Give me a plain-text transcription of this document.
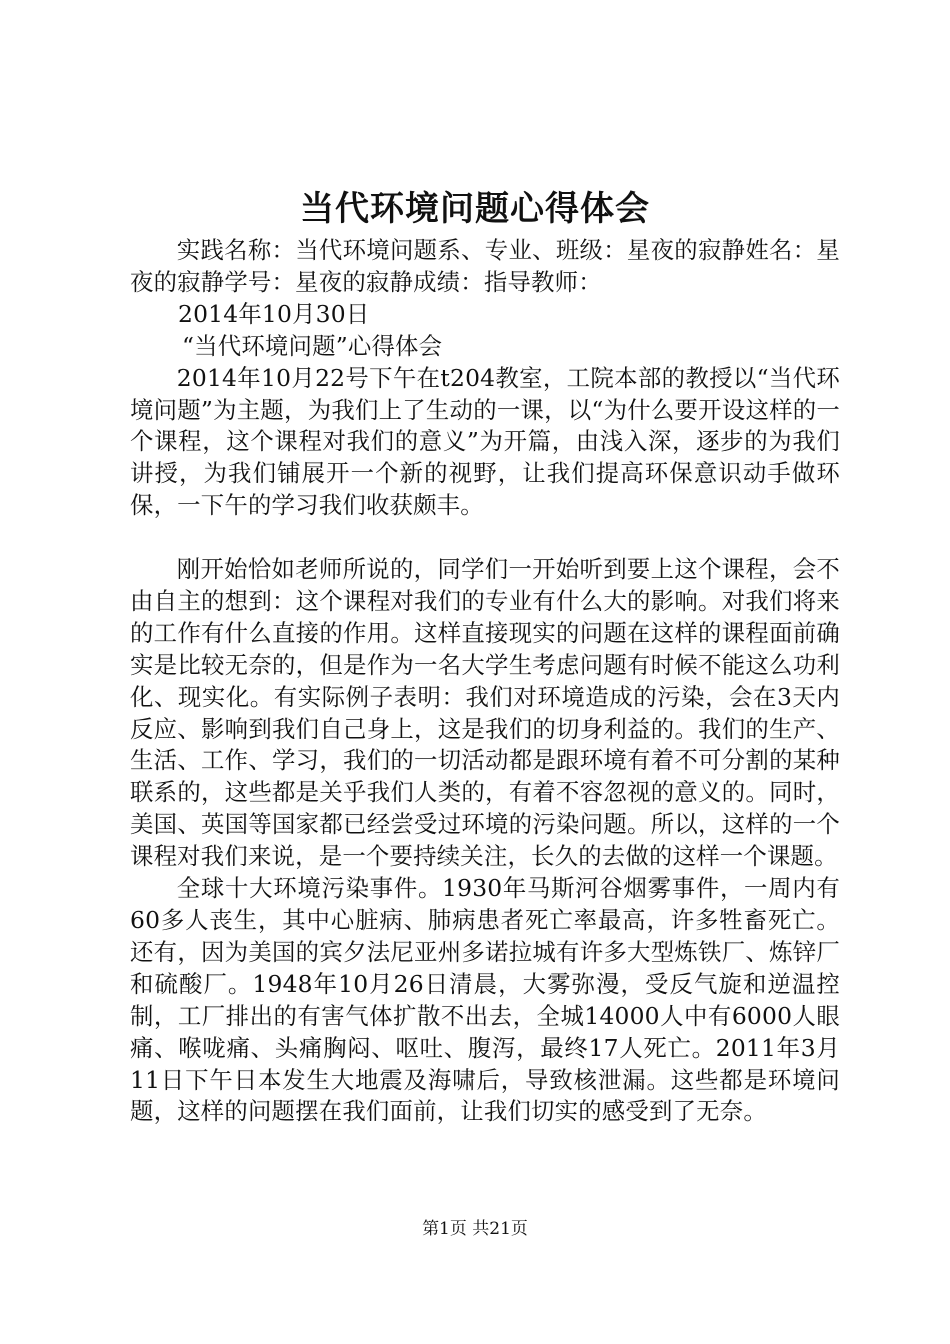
当代环境问题心得体会

实践名称：当代环境问题系、专业、班级：星夜的寂静姓名：星夜的寂静学号：星夜的寂静成绩：指导教师：

2014年10月30日

“当代环境问题”心得体会

2014年10月22号下午在t204教室，工院本部的教授以“当代环境问题”为主题，为我们上了生动的一课，以“为什么要开设这样的一个课程，这个课程对我们的意义”为开篇，由浅入深，逐步的为我们讲授，为我们铺展开一个新的视野，让我们提高环保意识动手做环保，一下午的学习我们收获颇丰。

刚开始恰如老师所说的，同学们一开始听到要上这个课程，会不由自主的想到：这个课程对我们的专业有什么大的影响。对我们将来的工作有什么直接的作用。这样直接现实的问题在这样的课程面前确实是比较无奈的，但是作为一名大学生考虑问题有时候不能这么功利化、现实化。有实际例子表明：我们对环境造成的污染，会在3天内反应、影响到我们自己身上，这是我们的切身利益的。我们的生产、生活、工作、学习，我们的一切活动都是跟环境有着不可分割的某种联系的，这些都是关乎我们人类的，有着不容忽视的意义的。同时，美国、英国等国家都已经尝受过环境的污染问题。所以，这样的一个课程对我们来说，是一个要持续关注，长久的去做的这样一个课题。

全球十大环境污染事件。1930年马斯河谷烟雾事件，一周内有60多人丧生，其中心脏病、肺病患者死亡率最高，许多牲畜死亡。还有，因为美国的宾夕法尼亚州多诺拉城有许多大型炼铁厂、炼锌厂和硫酸厂。1948年10月26日清晨，大雾弥漫，受反气旋和逆温控制，工厂排出的有害气体扩散不出去，全城14000人中有6000人眼痛、喉咙痛、头痛胸闷、呕吐、腹泻，最终17人死亡。2011年3月11日下午日本发生大地震及海啸后，导致核泄漏。这些都是环境问题，这样的问题摆在我们面前，让我们切实的感受到了无奈。

第1页 共21页
